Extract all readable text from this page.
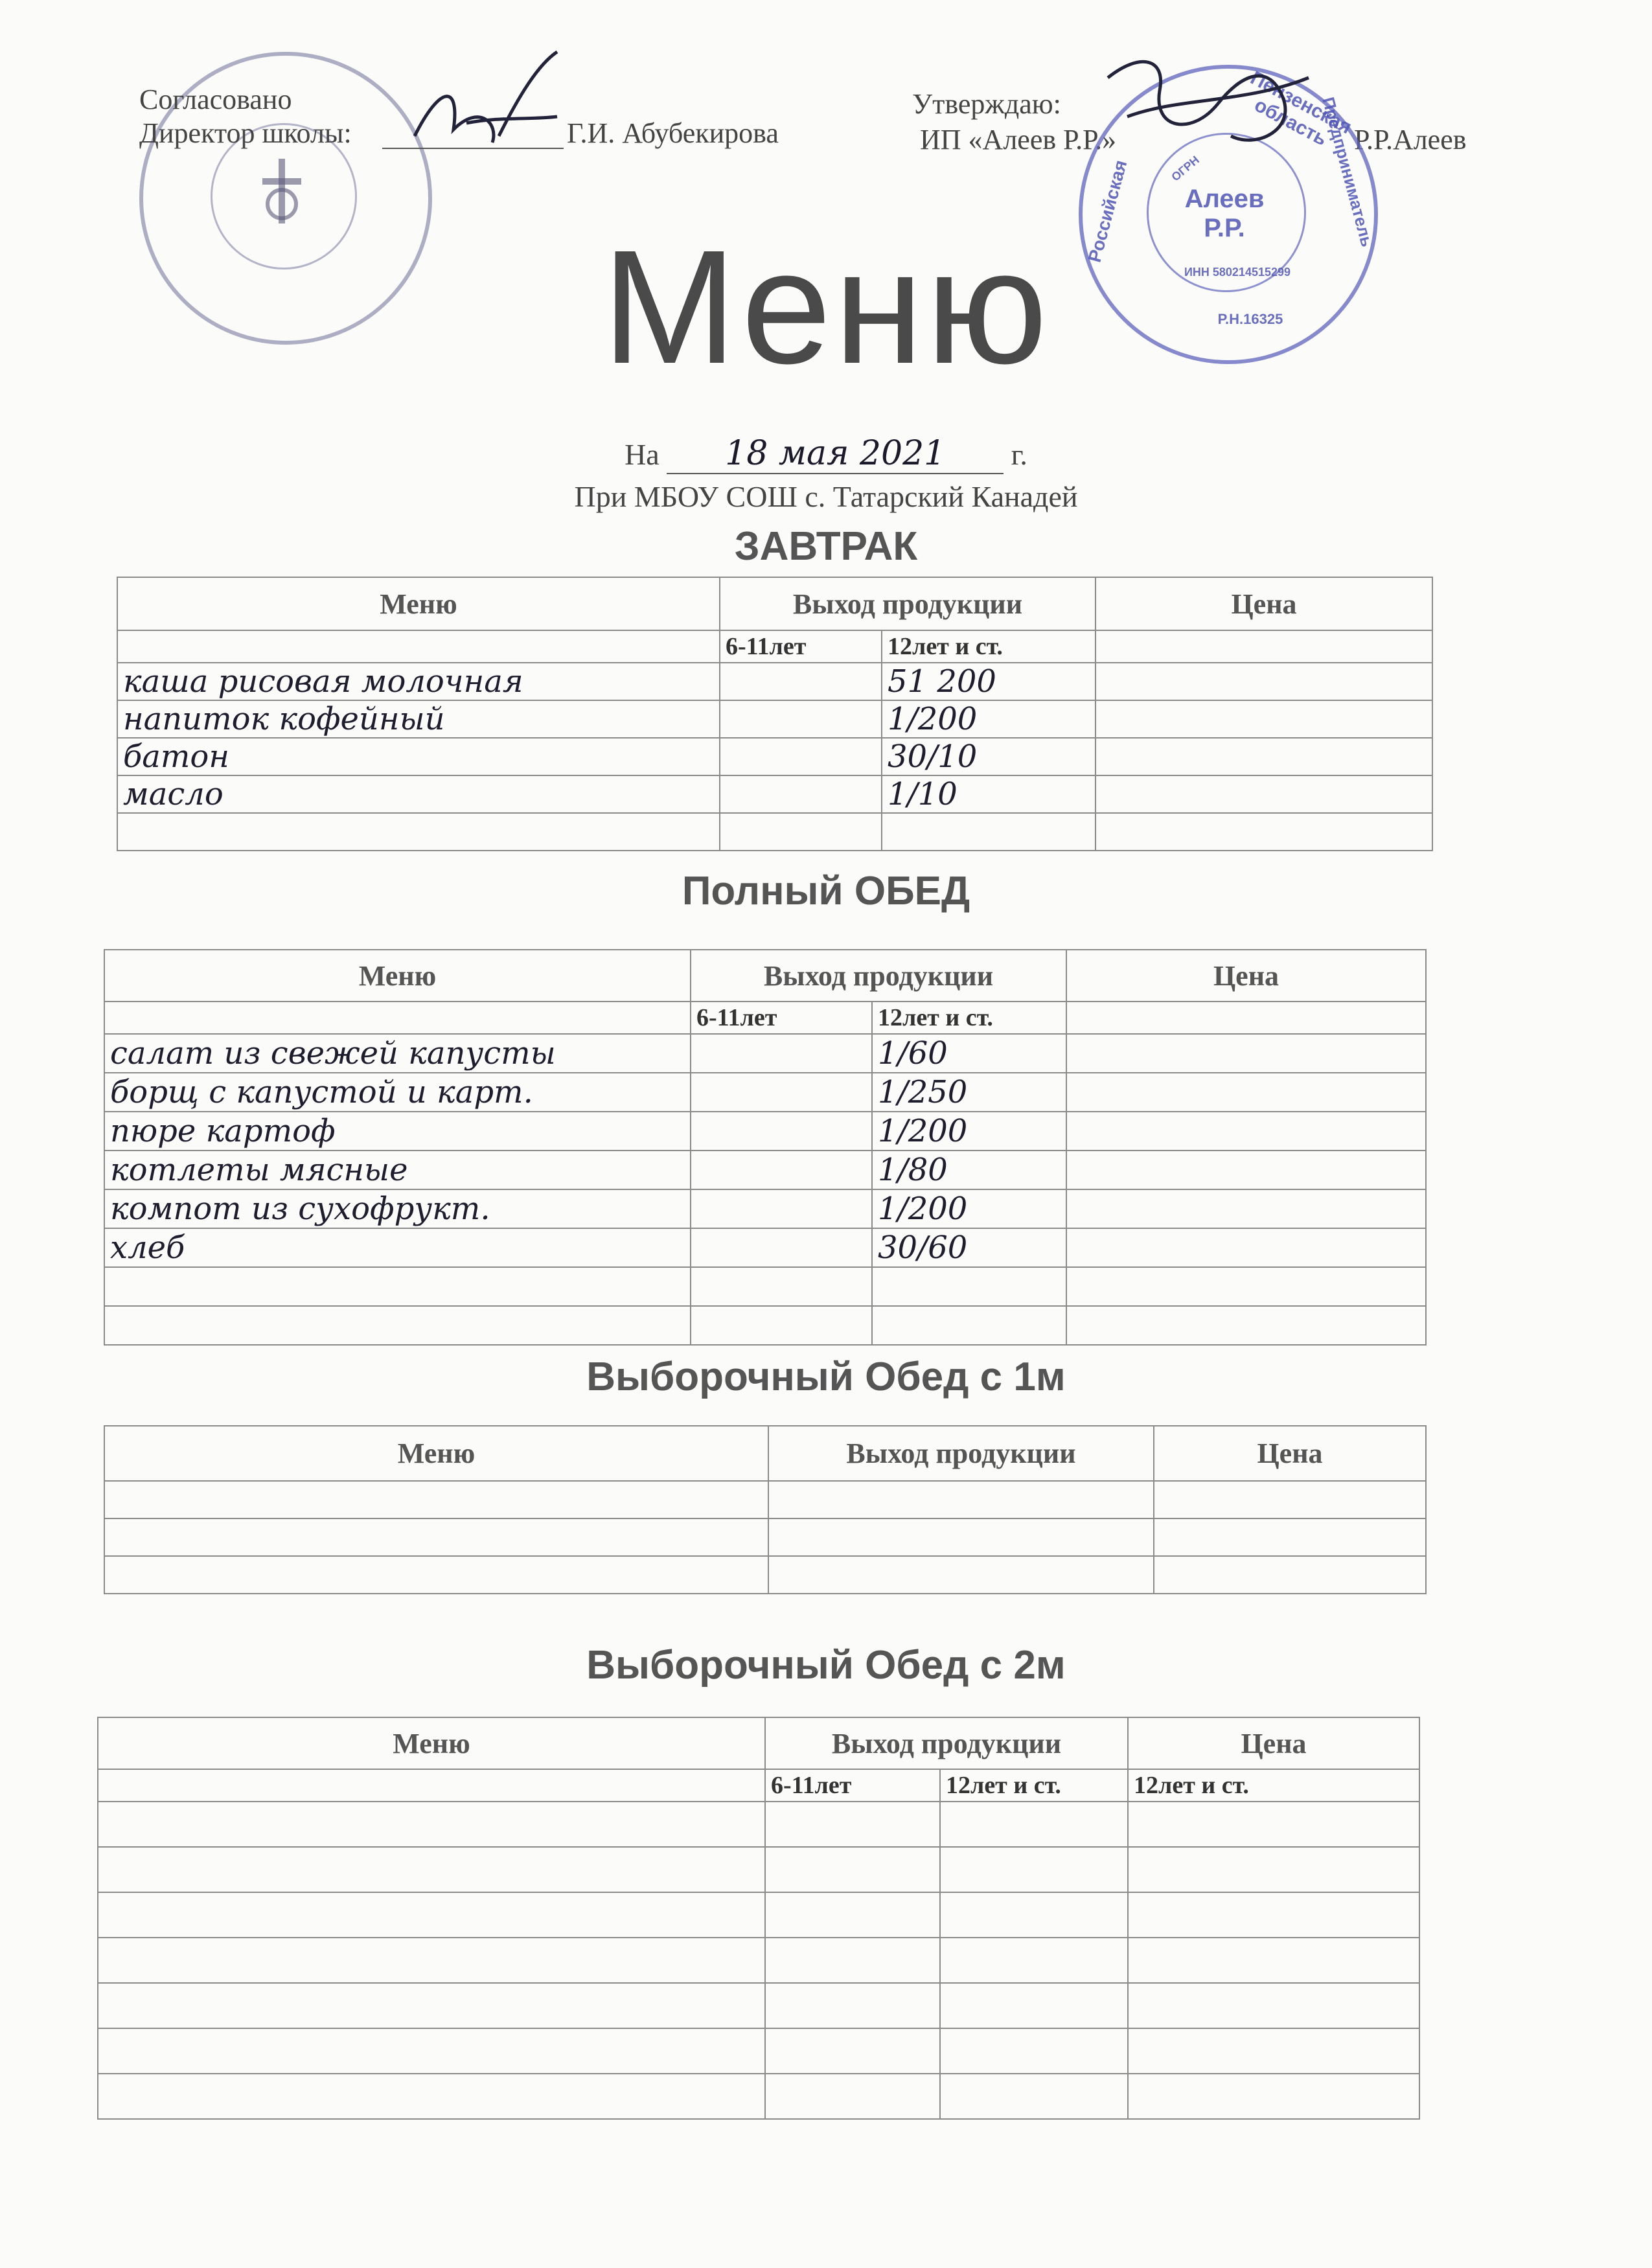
Согласовано
Директор школы:	Г.И. Абубекирова
Утверждаю:
ИП «Алеев Р.Р.»	Р.Р.Алеев
Алеев
Р.Р.
Пензенская область
Российская
ИНН 580214515299
ОГРН
Р.Н.16325
Предприниматель
Меню
На 18 мая 2021 г.
При МБОУ СОШ с. Татарский Канадей
ЗАВТРАК
Меню	Выход продукции		Цена
	6-11лет	12лет и ст.	
каша рисовая молочная		51 200	
напиток кофейный		1/200	
батон		30/10	
масло		1/10	

Полный ОБЕД
Меню	Выход продукции		Цена
	6-11лет	12лет и ст.	
салат из свежей капусты		1/60	
борщ с капустой и карт.		1/250	
пюре картоф		1/200	
котлеты мясные		1/80	
компот из сухофрукт.		1/200	
хлеб		30/60	

Выборочный Обед с 1м
Меню	Выход продукции	Цена

Выборочный Обед с 2м
Меню	Выход продукции		Цена
	6-11лет	12лет и ст.	12лет и ст.
